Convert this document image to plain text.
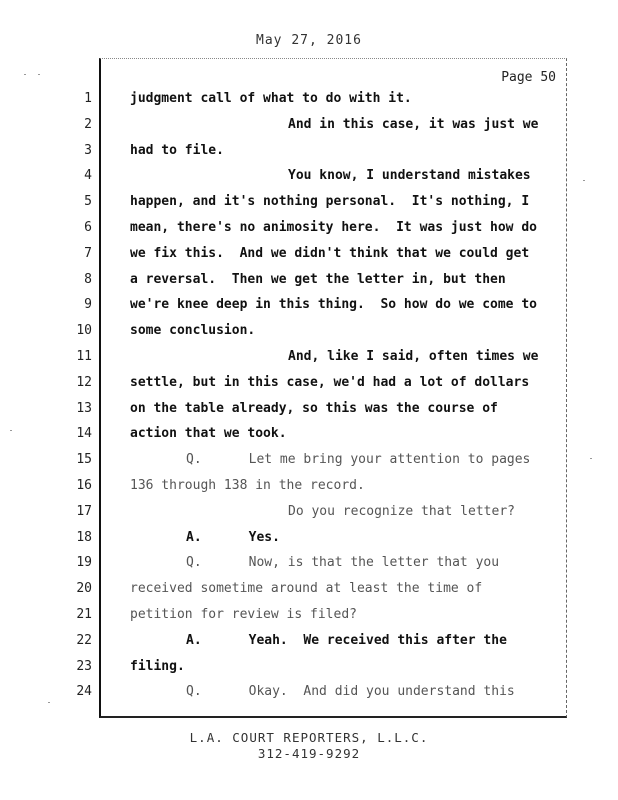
May 27, 2016
Page 50
1	judgment call of what to do with it.
2	And in this case, it was just we
3	had to file.
4	You know, I understand mistakes
5	happen, and it's nothing personal.  It's nothing, I
6	mean, there's no animosity here.  It was just how do
7	we fix this.  And we didn't think that we could get
8	a reversal.  Then we get the letter in, but then
9	we're knee deep in this thing.  So how do we come to
10	some conclusion.
11	And, like I said, often times we
12	settle, but in this case, we'd had a lot of dollars
13	on the table already, so this was the course of
14	action that we took.
15	Q.      Let me bring your attention to pages
16	136 through 138 in the record.
17	Do you recognize that letter?
18	A.      Yes.
19	Q.      Now, is that the letter that you
20	received sometime around at least the time of
21	petition for review is filed?
22	A.      Yeah.  We received this after the
23	filing.
24	Q.      Okay.  And did you understand this
L.A. COURT REPORTERS, L.L.C.
312-419-9292
